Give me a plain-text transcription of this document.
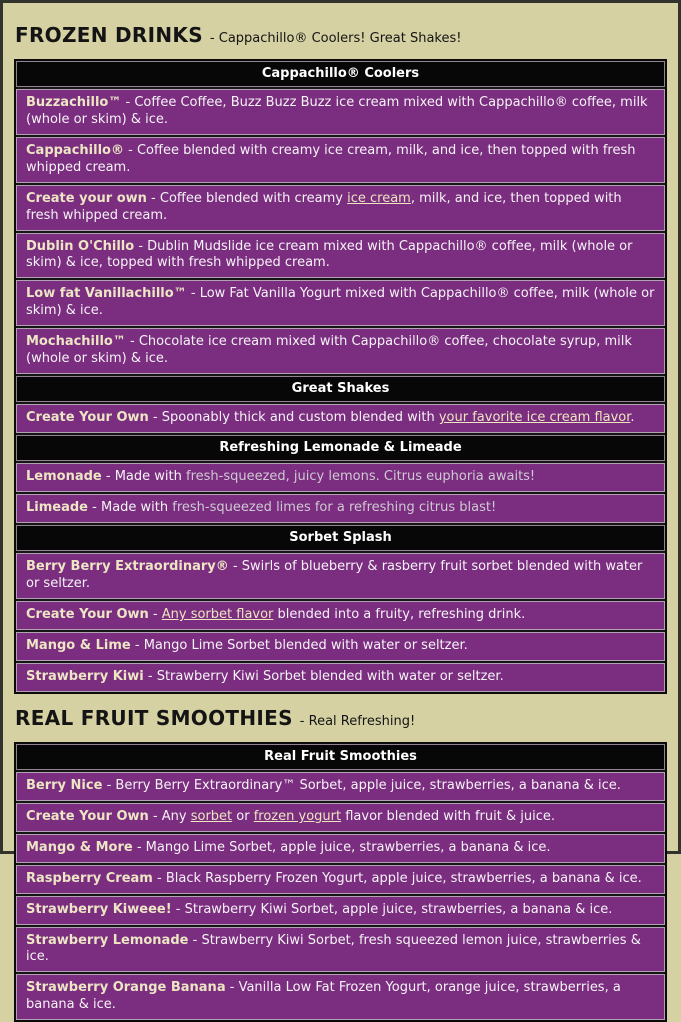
FROZEN DRINKS - Cappachillo® Coolers! Great Shakes!
Cappachillo® Coolers
Buzzachillo™ - Coffee Coffee, Buzz Buzz Buzz ice cream mixed with Cappachillo® coffee, milk (whole or skim) & ice.
Cappachillo® - Coffee blended with creamy ice cream, milk, and ice, then topped with fresh whipped cream.
Create your own - Coffee blended with creamy ice cream, milk, and ice, then topped with fresh whipped cream.
Dublin O'Chillo - Dublin Mudslide ice cream mixed with Cappachillo® coffee, milk (whole or skim) & ice, topped with fresh whipped cream.
Low fat Vanillachillo™ - Low Fat Vanilla Yogurt mixed with Cappachillo® coffee, milk (whole or skim) & ice.
Mochachillo™ - Chocolate ice cream mixed with Cappachillo® coffee, chocolate syrup, milk (whole or skim) & ice.
Great Shakes
Create Your Own - Spoonably thick and custom blended with your favorite ice cream flavor.
Refreshing Lemonade & Limeade
Lemonade - Made with fresh-squeezed, juicy lemons. Citrus euphoria awaits!
Limeade - Made with fresh-squeezed limes for a refreshing citrus blast!
Sorbet Splash
Berry Berry Extraordinary® - Swirls of blueberry & rasberry fruit sorbet blended with water or seltzer.
Create Your Own - Any sorbet flavor blended into a fruity, refreshing drink.
Mango & Lime - Mango Lime Sorbet blended with water or seltzer.
Strawberry Kiwi - Strawberry Kiwi Sorbet blended with water or seltzer.
REAL FRUIT SMOOTHIES - Real Refreshing!
Real Fruit Smoothies
Berry Nice - Berry Berry Extraordinary™ Sorbet, apple juice, strawberries, a banana & ice.
Create Your Own - Any sorbet or frozen yogurt flavor blended with fruit & juice.
Mango & More - Mango Lime Sorbet, apple juice, strawberries, a banana & ice.
Raspberry Cream - Black Raspberry Frozen Yogurt, apple juice, strawberries, a banana & ice.
Strawberry Kiweee! - Strawberry Kiwi Sorbet, apple juice, strawberries, a banana & ice.
Strawberry Lemonade - Strawberry Kiwi Sorbet, fresh squeezed lemon juice, strawberries & ice.
Strawberry Orange Banana - Vanilla Low Fat Frozen Yogurt, orange juice, strawberries, a banana & ice.
